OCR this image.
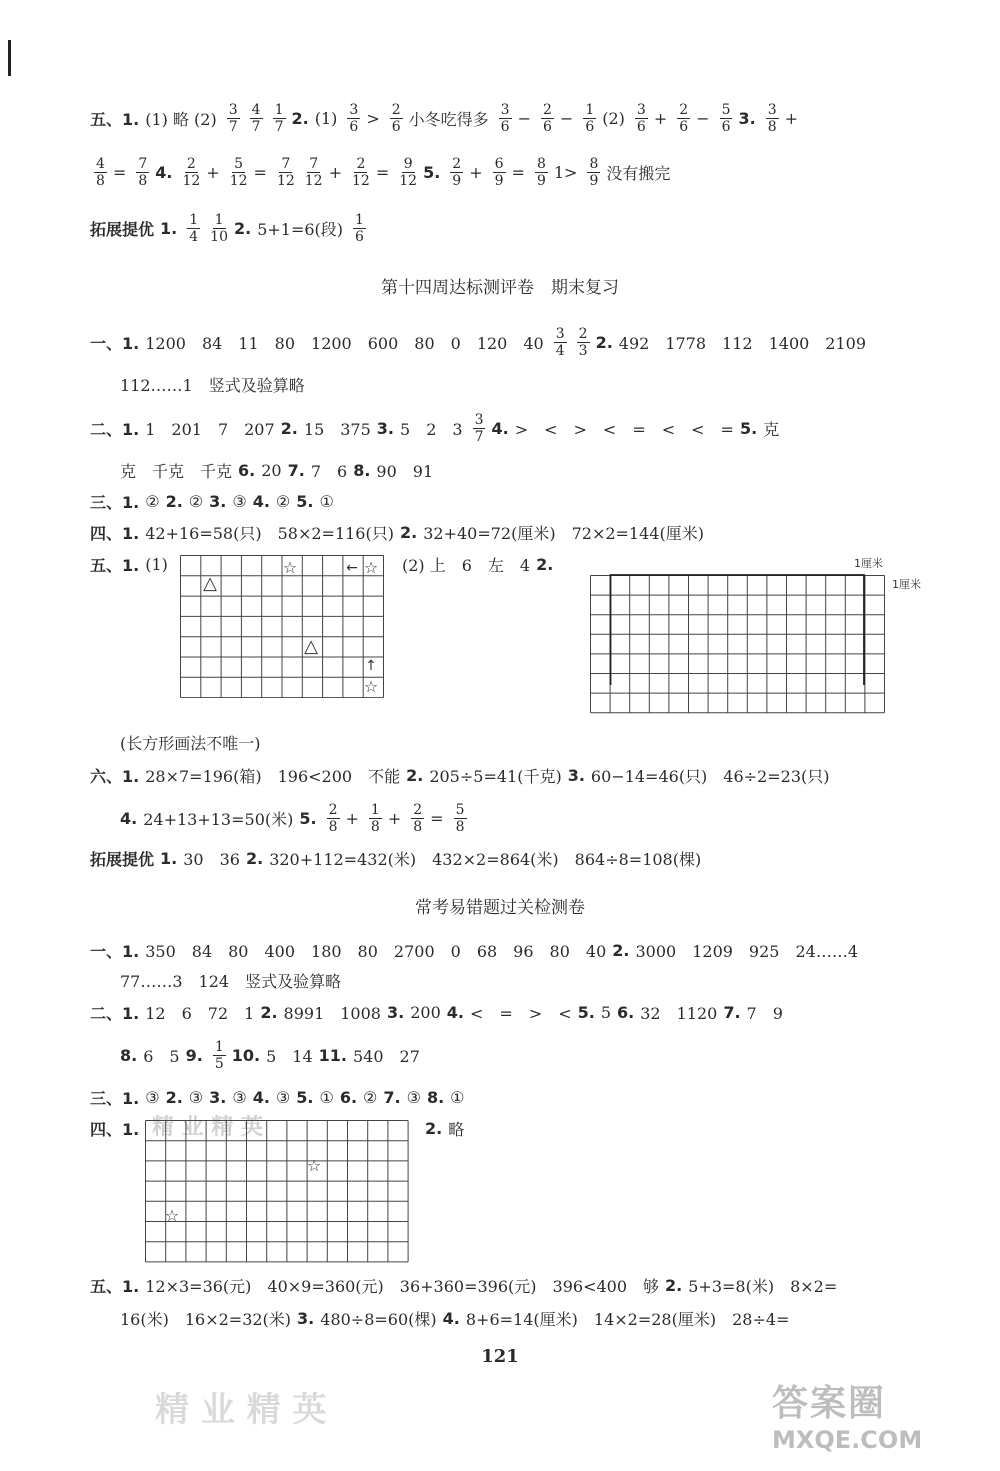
五、1. (1) 略 (2) 3
7
4
7
1
7 2. (1) 3
6 > 2
6 小冬吃得多 3
$6 - \frac{2}{6} - \frac{1}{6} (2)$ 3
$6 + \frac{2}{6} - \frac{5}{6} 3$. 3
8 +
$\frac{4}{8} = \frac{7}{8} 4$. 2
$12 + \frac{5}{12} = \frac{7}{12} 7$
$12 + \frac{2}{12} = \frac{9}{12} 5$. 2
$9 + \frac{6}{9} = \frac{8}{9} 1> 8$
9 没有搬完
拓展提优 1. 1
4
1
10 2. 5+1=6(段) 1
6
第十四周达标测评卷　期末复习
一、1. 1200　84　11　80　1200　600　80　0　120　40 3
4
2
3 2. 492　1778　112　1400　2109
112……1　竖式及验算略
二、1. 1　201　7　207 2. 15　375 3. 5　2　3 3
7 4. >　<　>　<　=　<　<　= 5. 克
克　千克　千克 6. 20 7. 7　6 8. 90　91
三、1. ② 2. ② 3. ③ 4. ② 5. ①
四、1. 42+16=58(只)　58×2=116(只) 2. 32+40=72(厘米)　72×2=144(厘米)
五、1. (1)	(2) 上　6　左　4 2.
△
☆	← ☆
△
↑
☆
1厘米
1厘米
(长方形画法不唯一)
六、1. 28×7=196(箱)　196<200　不能 2. 205÷5=41(千克) 3. 60−14=46(只)　46÷2=23(只)
4. 24+13+13=50(米) 5. 2
$8 + \frac{1}{8} + \frac{2}{8} = \frac{5}{8}$
拓展提优 1. 30　36 2. 320+112=432(米)　432×2=864(米)　864÷8=108(棵)
常考易错题过关检测卷
一、1. 350　84　80　400　180　80　2700　0　68　96　80　40 2. 3000　1209　925　24……4
77……3　124　竖式及验算略
二、1. 12　6　72　1 2. 8991　1008 3. 200 4. <　=　>　< 5. 5 6. 32　1120 7. 7　9
8. 6　5 9. 1
5 10. 5　14 11. 540　27
三、1. ③ 2. ③ 3. ③ 4. ③ 5. ① 6. ② 7. ③ 8. ①
四、1.	2. 略
精 业 精 英
☆
☆
五、1. 12×3=36(元)　40×9=360(元)　36+360=396(元)　396<400　够 2. 5+3=8(米)　8×2=
16(米)　16×2=32(米) 3. 480÷8=60(棵) 4. 8+6=14(厘米)　14×2=28(厘米)　28÷4=
121
精 业 精 英	答案圈
MXQE.COM
